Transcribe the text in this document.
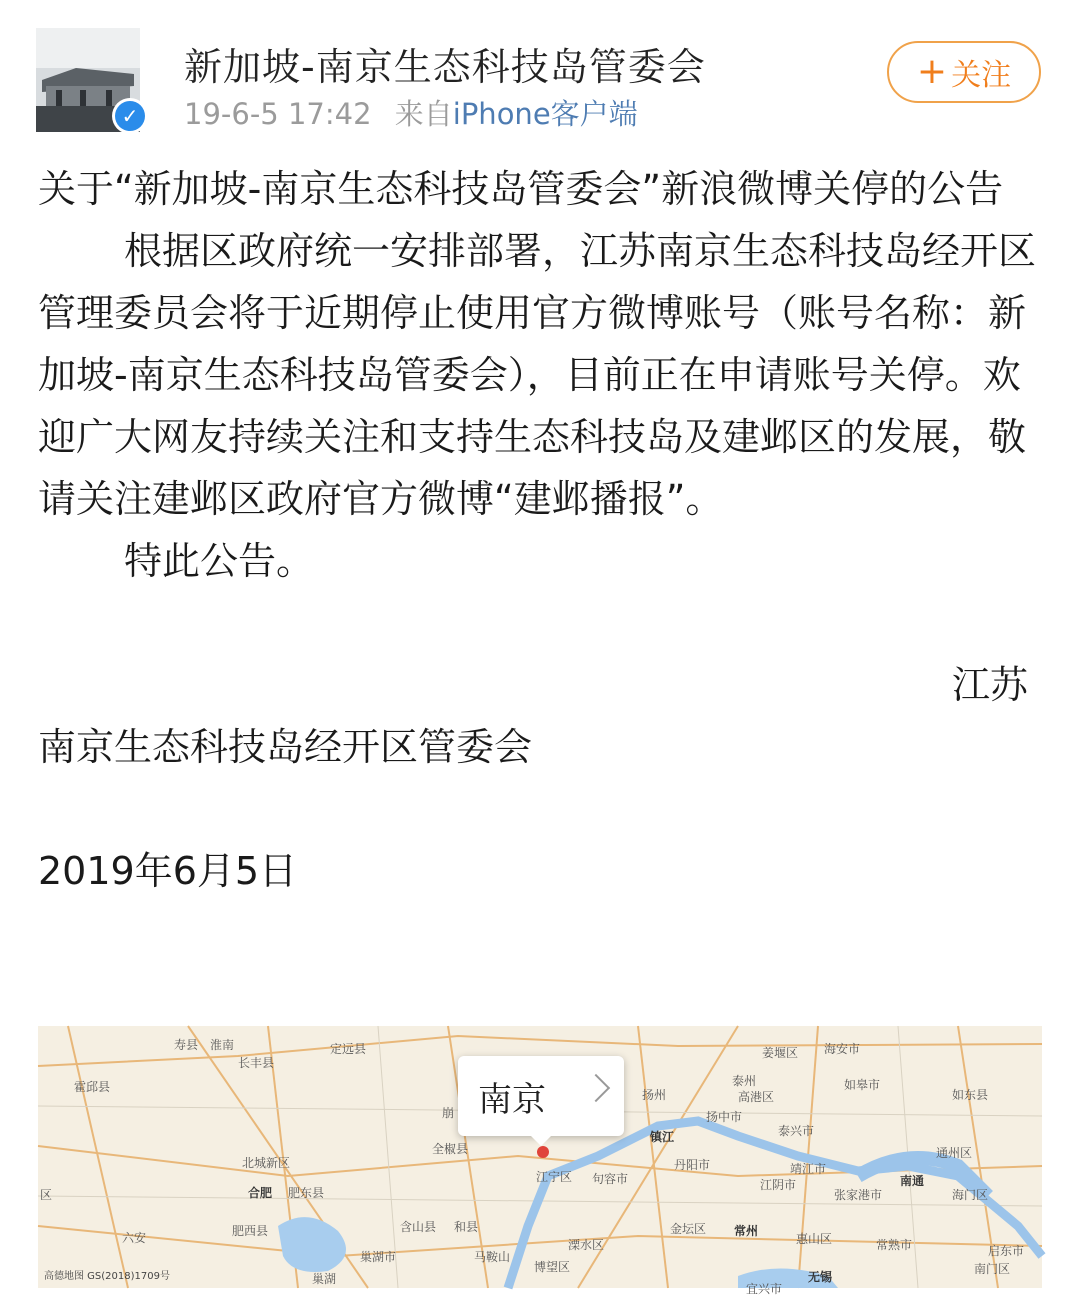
✓
新加坡-南京生态科技岛管委会
19-6-5 17:42 来自iPhone客户端
+ 关注

关于“新加坡-南京生态科技岛管委会”新浪微博关停的公告

根据区政府统一安排部署，江苏南京生态科技岛经开区管理委员会将于近期停止使用官方微博账号（账号名称：新加坡-南京生态科技岛管委会），目前正在申请账号关停。欢迎广大网友持续关注和支持生态科技岛及建邺区的发展，敬请关注建邺区政府官方微博“建邺播报”。

特此公告。

江苏

南京生态科技岛经开区管委会

2019年6月5日

寿县 淮南	定远县
长丰县
霍邱县
北城新区
合肥 肥东县
肥西县
六安
含山县 和县
马鞍山
巢湖市
巢湖
全椒县
江宁区 句容市
溧水区
博望区
扬州
泰州
姜堰区 海安市
如皋市
如东县
高港区
扬中市
镇江
丹阳市
泰兴市
靖江市
江阴市
张家港市
南通
通州区
海门区
金坛区 常州
惠山区	常熟市	启东市
无锡
宜兴市
南门区
区
崩 南京
高德地图 GS(2018)1709号
